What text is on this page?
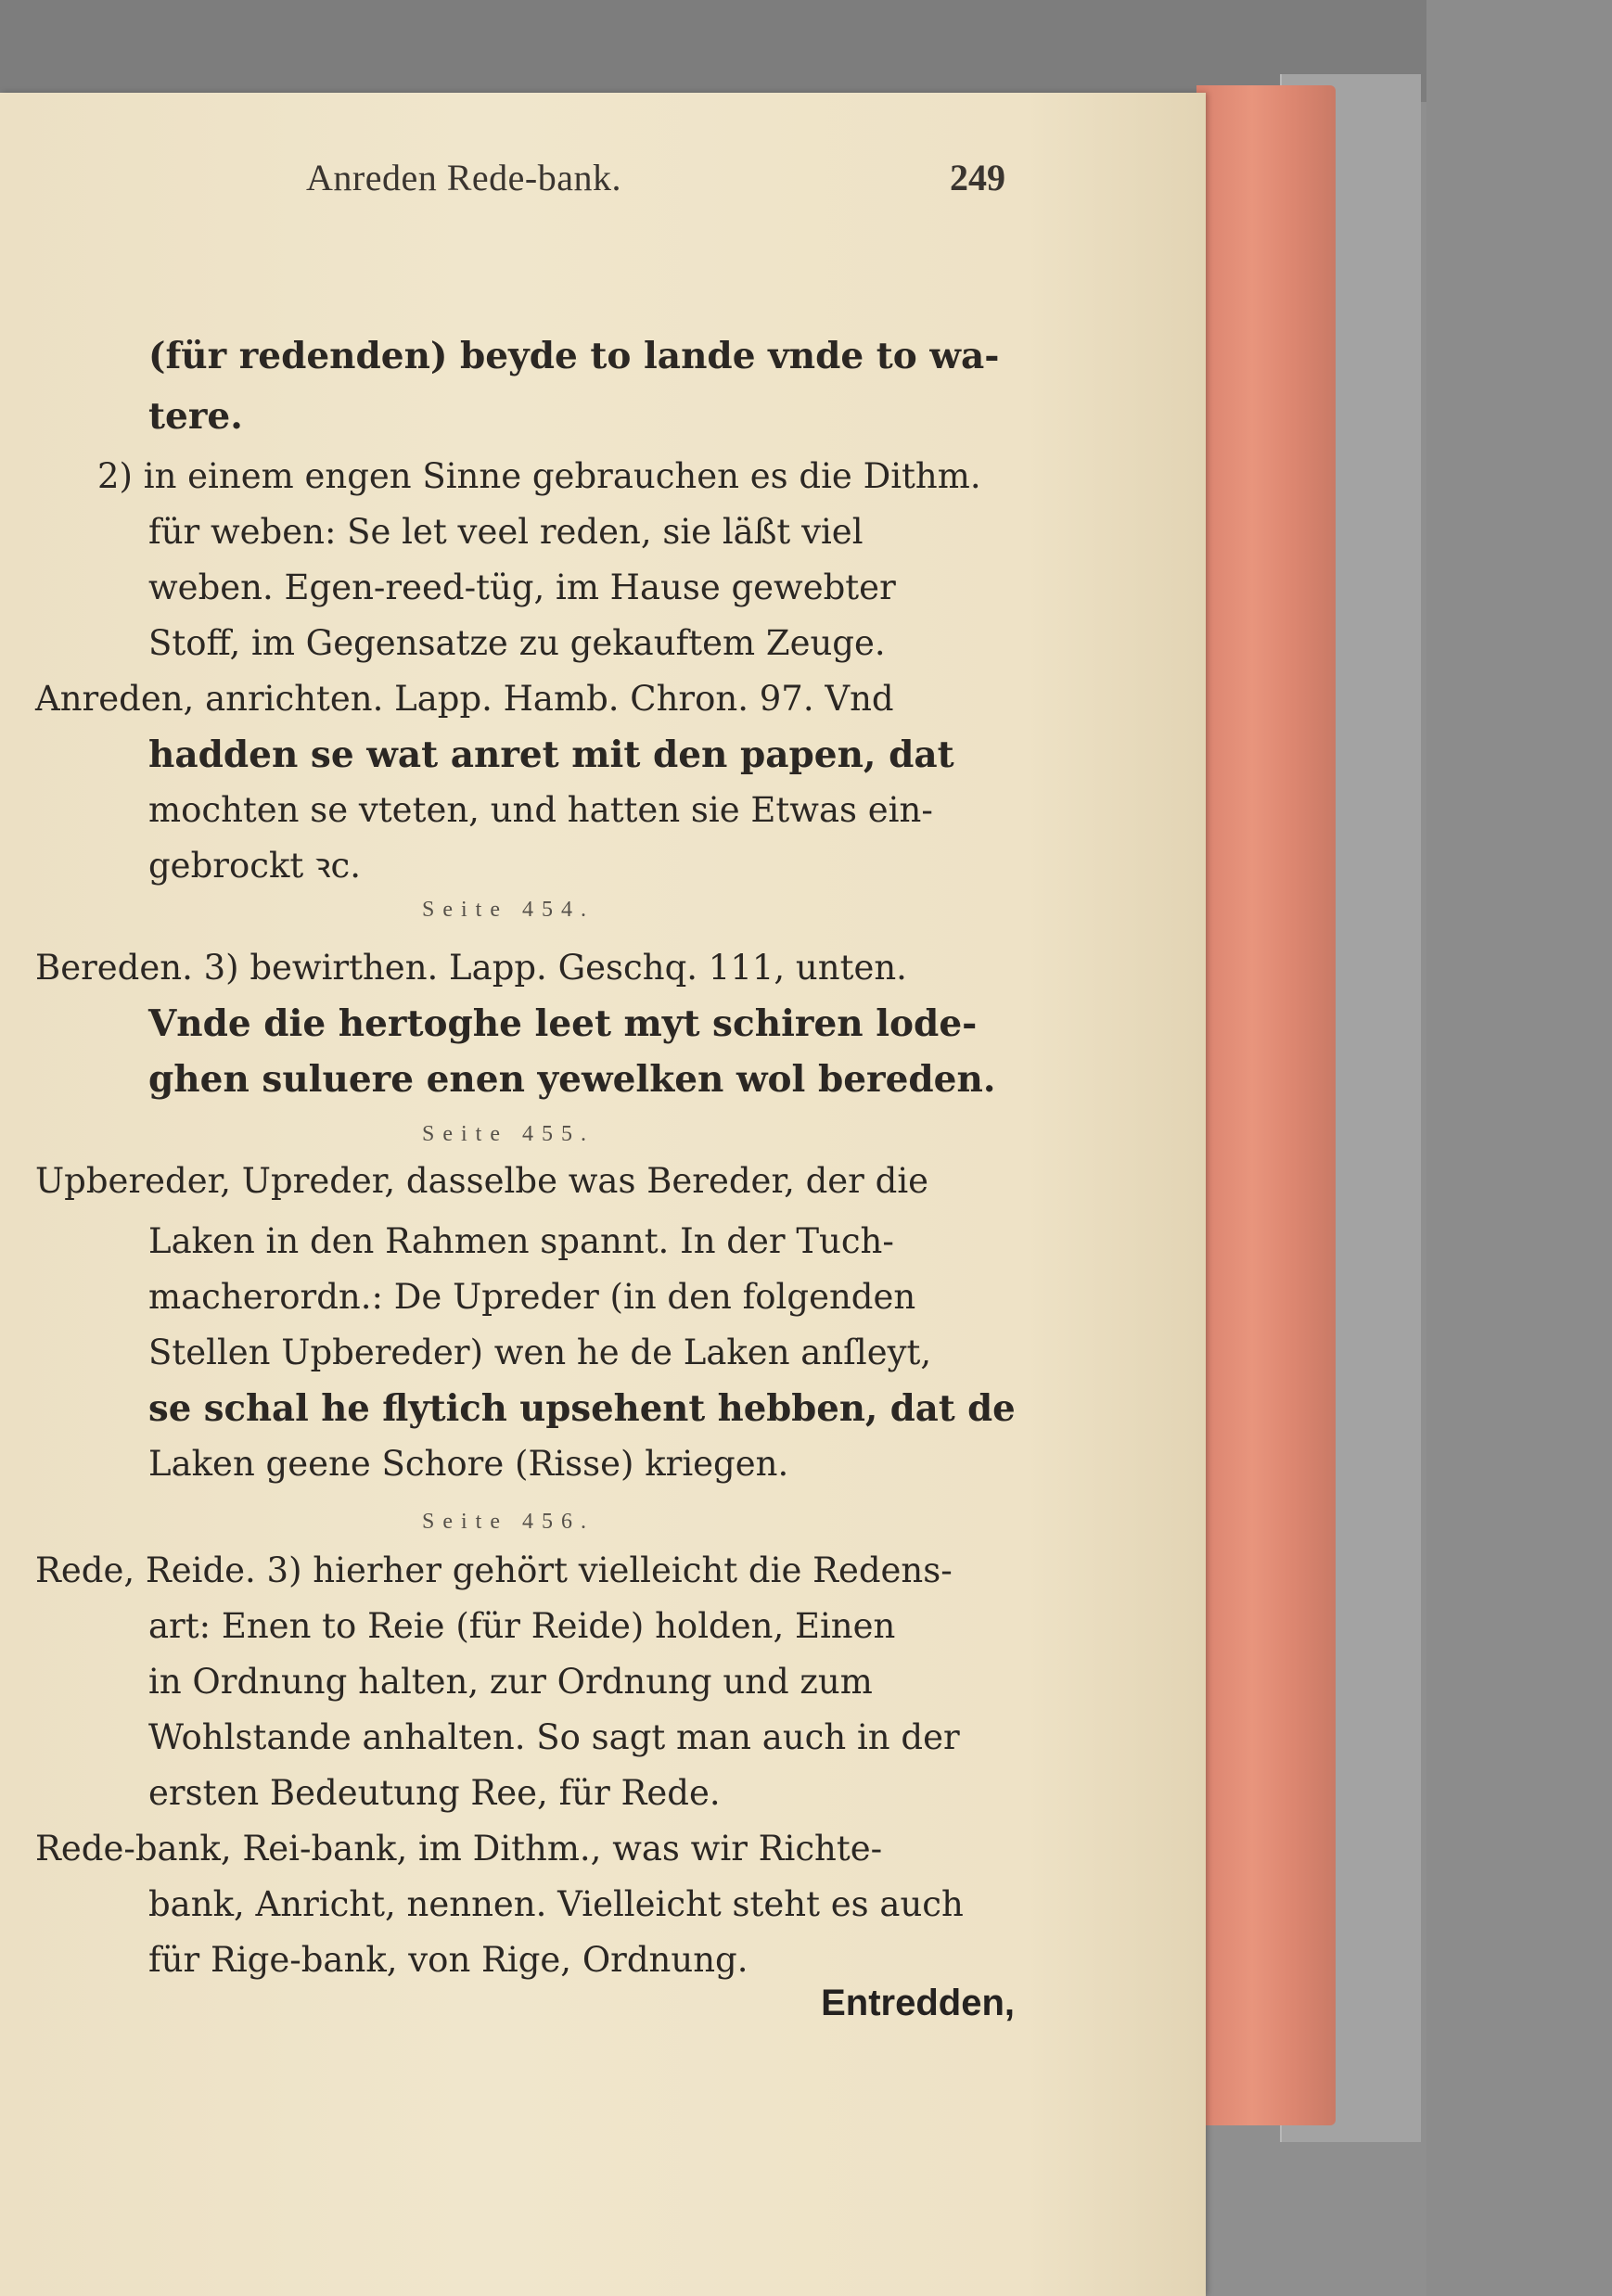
Anreden Rede-bank.	249
(für redenden) beyde to lande vnde to wa-
tere.
2) in einem engen Sinne gebrauchen es die Dithm.
für weben: Se let veel reden, sie läßt viel
weben. Egen-reed-tüg, im Hause gewebter
Stoff, im Gegensatze zu gekauftem Zeuge.
Anreden, anrichten. Lapp. Hamb. Chron. 97. Vnd
hadden se wat anret mit den papen, dat
mochten se vteten, und hatten sie Etwas ein-
gebrockt ꝛc.
Seite 454.
Bereden. 3) bewirthen. Lapp. Geschq. 111, unten.
Vnde die hertoghe leet myt schiren lode-
ghen suluere enen yewelken wol bereden.
Seite 455.
Upbereder, Upreder, dasselbe was Bereder, der die
Laken in den Rahmen spannt. In der Tuch-
macherordn.: De Upreder (in den folgenden
Stellen Upbereder) wen he de Laken anſleyt,
se schal he flytich upsehent hebben, dat de
Laken geene Schore (Risse) kriegen.
Seite 456.
Rede, Reide. 3) hierher gehört vielleicht die Redens-
art: Enen to Reie (für Reide) holden, Einen
in Ordnung halten, zur Ordnung und zum
Wohlstande anhalten. So sagt man auch in der
ersten Bedeutung Ree, für Rede.
Rede-bank, Rei-bank, im Dithm., was wir Richte-
bank, Anricht, nennen. Vielleicht steht es auch
für Rige-bank, von Rige, Ordnung.
Entredden,
